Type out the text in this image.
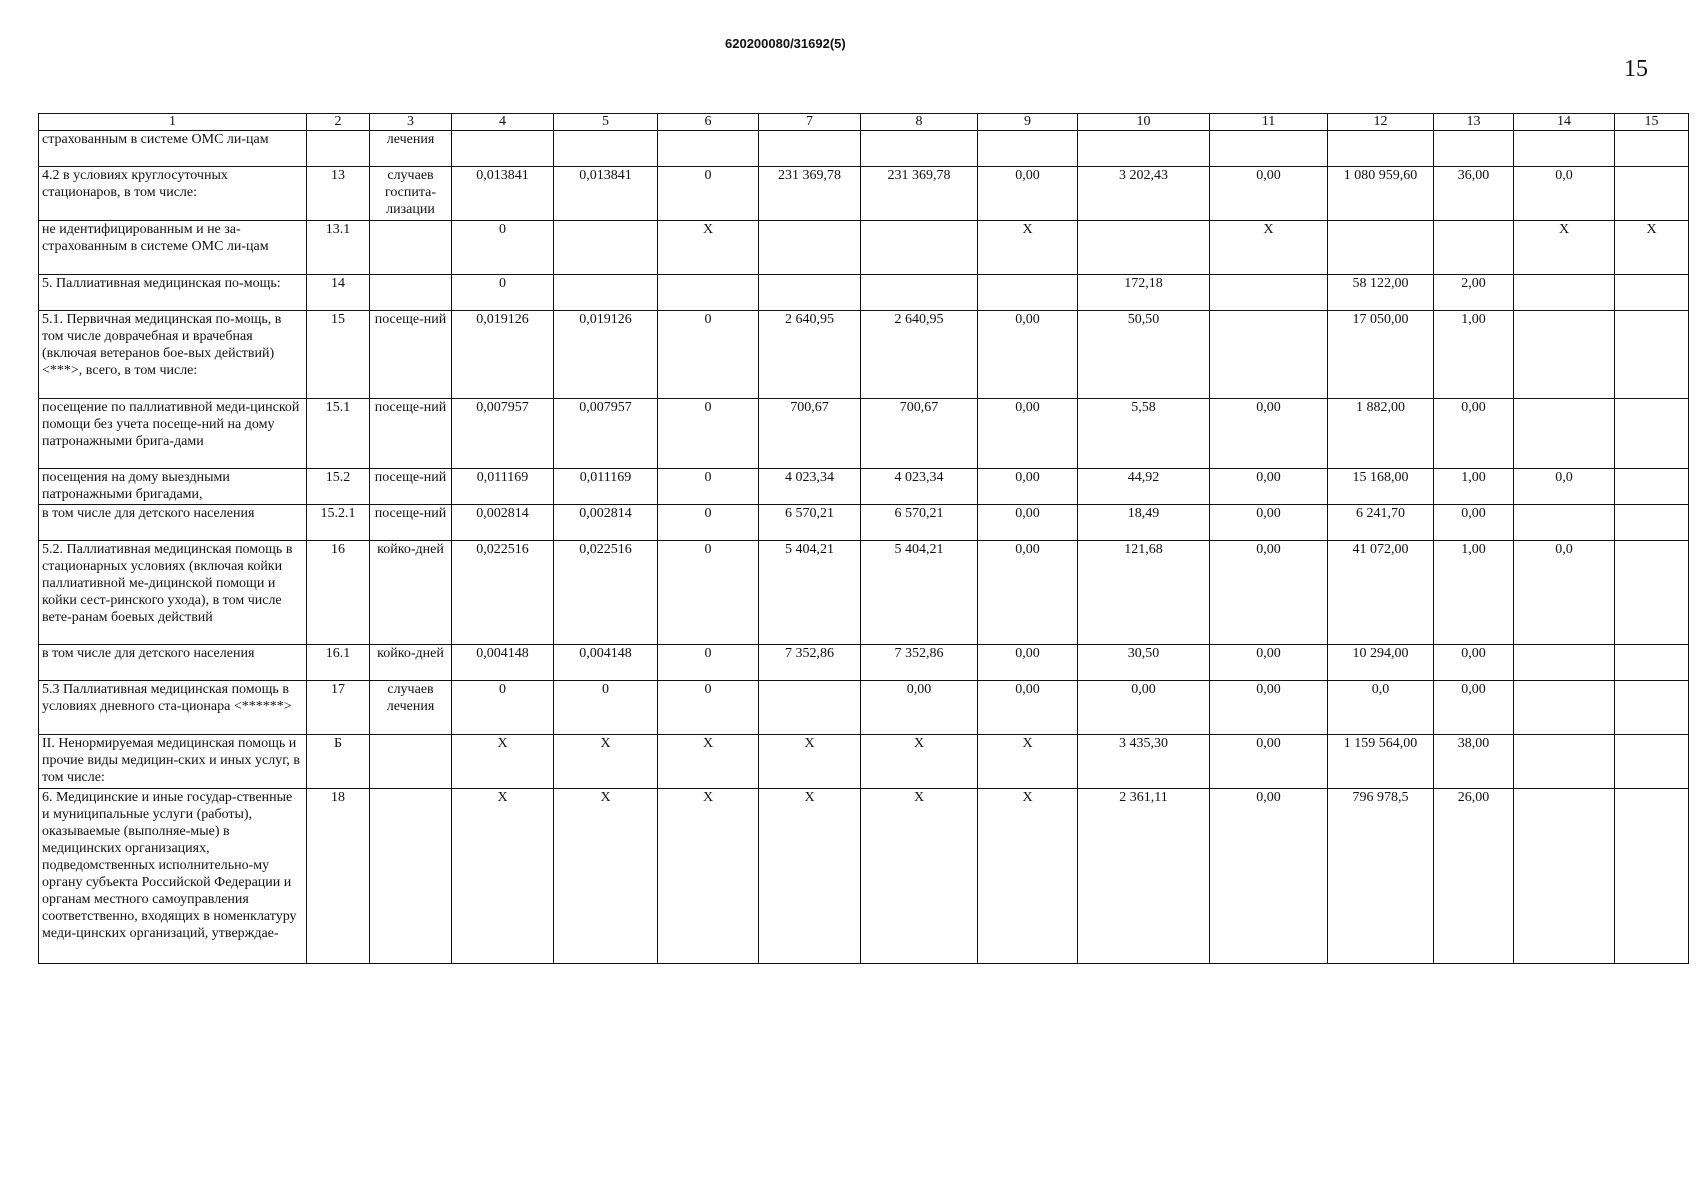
620200080/31692(5)
15
1	2	3	4	5	6	7	8	9	10	11	12	13	14	15
страхованным в системе ОМС ли-цам		лечения												
4.2 в условиях круглосуточных стационаров, в том числе:	13	случаев госпита-лизации	0,013841	0,013841	0	231 369,78	231 369,78	0,00	3 202,43	0,00	1 080 959,60	36,00	0,0	
не идентифицированным и не за-страхованным в системе ОМС ли-цам	13.1		0		X			X		X			X	X
5. Паллиативная медицинская по-мощь:	14		0						172,18		58 122,00	2,00		
5.1. Первичная медицинская по-мощь, в том числе доврачебная и врачебная (включая ветеранов бое-вых действий) <***>, всего, в том числе:	15	посеще-ний	0,019126	0,019126	0	2 640,95	2 640,95	0,00	50,50		17 050,00	1,00		
посещение по паллиативной меди-цинской помощи без учета посеще-ний на дому патронажными брига-дами	15.1	посеще-ний	0,007957	0,007957	0	700,67	700,67	0,00	5,58	0,00	1 882,00	0,00		
посещения на дому выездными патронажными бригадами,	15.2	посеще-ний	0,011169	0,011169	0	4 023,34	4 023,34	0,00	44,92	0,00	15 168,00	1,00	0,0	
в том числе для детского населения	15.2.1	посеще-ний	0,002814	0,002814	0	6 570,21	6 570,21	0,00	18,49	0,00	6 241,70	0,00		
5.2. Паллиативная медицинская помощь в стационарных условиях (включая койки паллиативной ме-дицинской помощи и койки сест-ринского ухода), в том числе вете-ранам боевых действий	16	койко-дней	0,022516	0,022516	0	5 404,21	5 404,21	0,00	121,68	0,00	41 072,00	1,00	0,0	
в том числе для детского населения	16.1	койко-дней	0,004148	0,004148	0	7 352,86	7 352,86	0,00	30,50	0,00	10 294,00	0,00		
5.3 Паллиативная медицинская помощь в условиях дневного ста-ционара <******>	17	случаев лечения	0	0	0		0,00	0,00	0,00	0,00	0,0	0,00		
II. Ненормируемая медицинская помощь и прочие виды медицин-ских и иных услуг, в том числе:	Б		X	X	X	X	X	X	3 435,30	0,00	1 159 564,00	38,00		
6. Медицинские и иные государ-ственные и муниципальные услуги (работы), оказываемые (выполняе-мые) в медицинских организациях, подведомственных исполнительно-му органу субъекта Российской Федерации и органам местного самоуправления соответственно, входящих в номенклатуру меди-цинских организаций, утверждае-	18		X	X	X	X	X	X	2 361,11	0,00	796 978,5	26,00		
